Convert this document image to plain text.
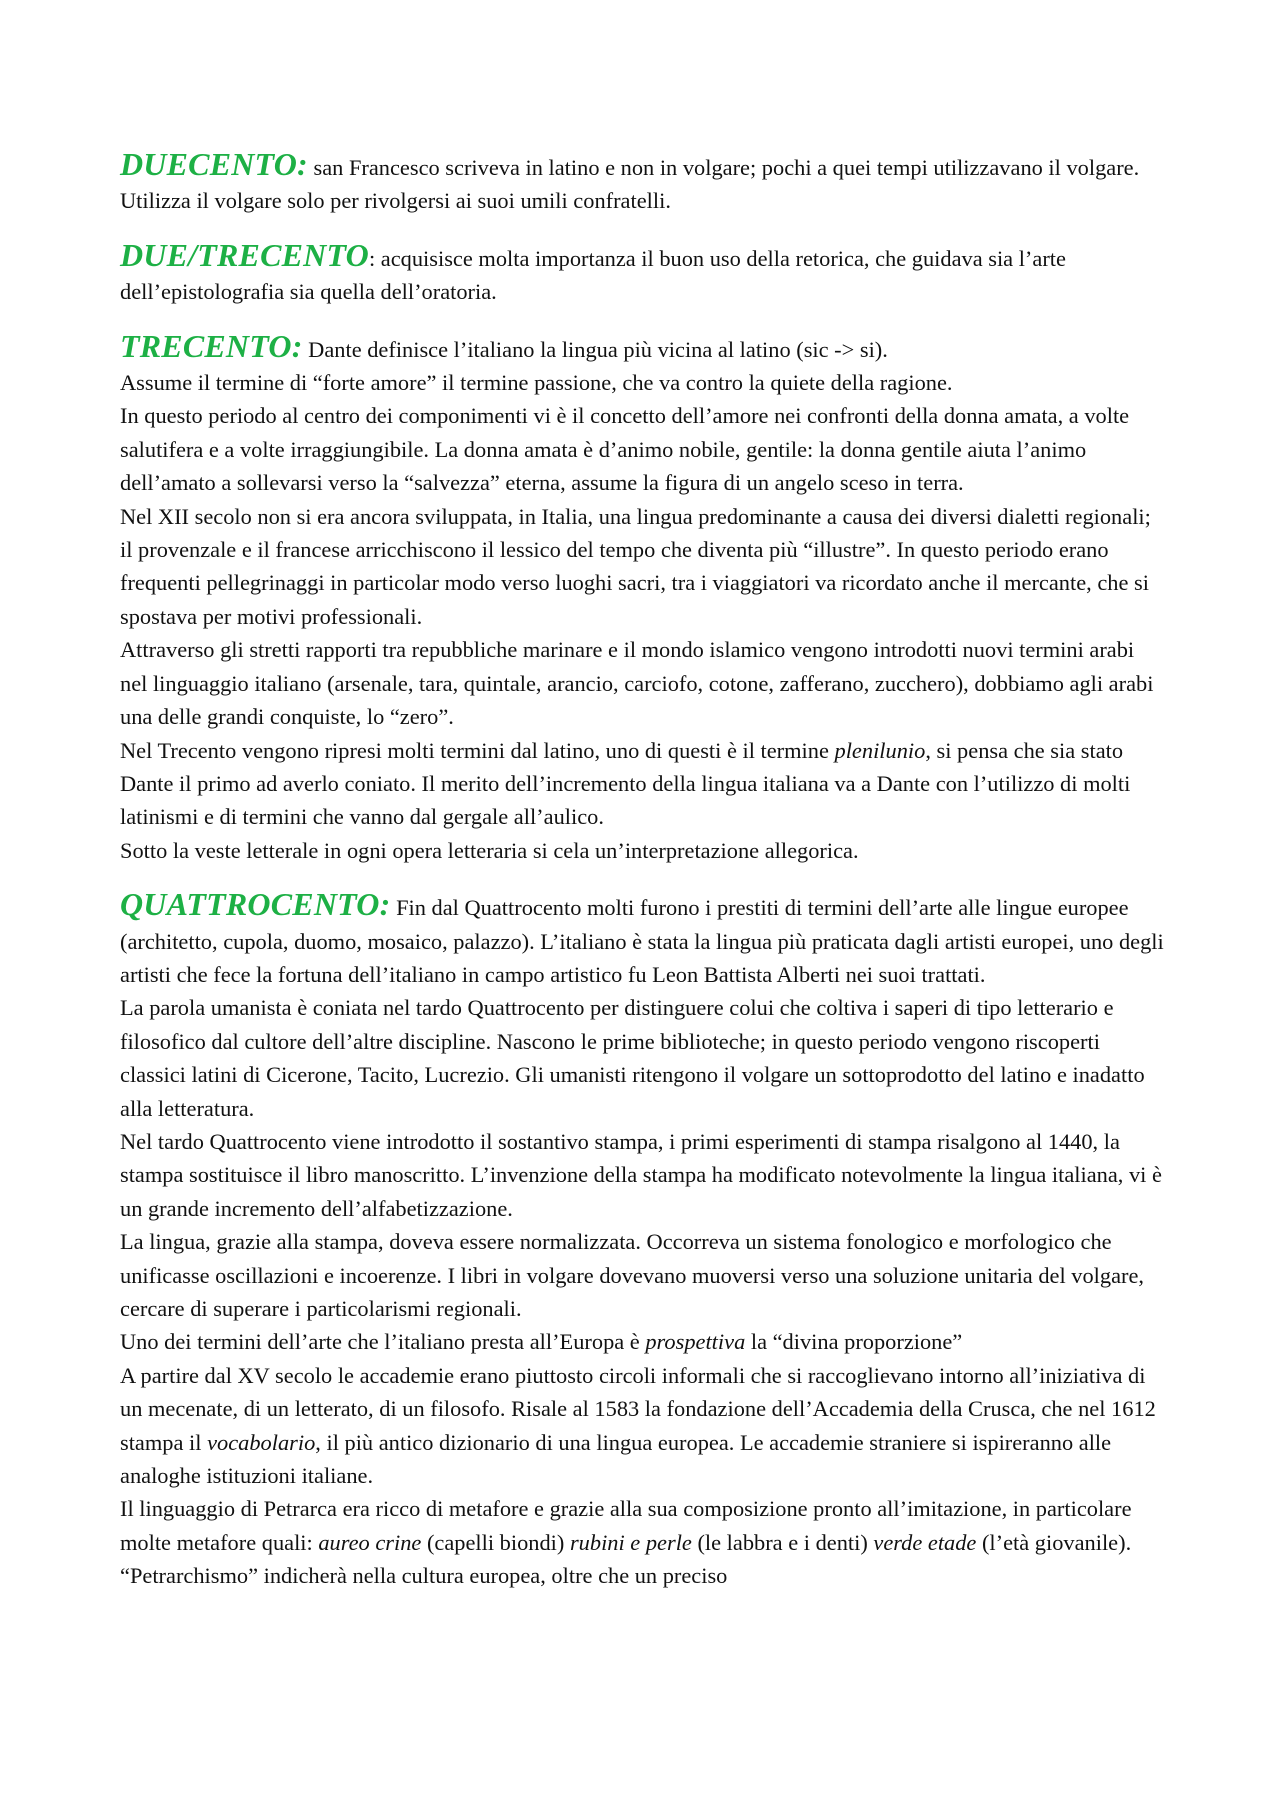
DUECENTO: san Francesco scriveva in latino e non in volgare; pochi a quei tempi utilizzavano il volgare. Utilizza il volgare solo per rivolgersi ai suoi umili confratelli.

DUE/TRECENTO: acquisisce molta importanza il buon uso della retorica, che guidava sia l’arte dell’epistolografia sia quella dell’oratoria.

TRECENTO: Dante definisce l’italiano la lingua più vicina al latino (sic -> si).

Assume il termine di “forte amore” il termine passione, che va contro la quiete della ragione.

In questo periodo al centro dei componimenti vi è il concetto dell’amore nei confronti della donna amata, a volte salutifera e a volte irraggiungibile. La donna amata è d’animo nobile, gentile: la donna gentile aiuta l’animo dell’amato a sollevarsi verso la “salvezza” eterna, assume la figura di un angelo sceso in terra.

Nel XII secolo non si era ancora sviluppata, in Italia, una lingua predominante a causa dei diversi dialetti regionali; il provenzale e il francese arricchiscono il lessico del tempo che diventa più “illustre”. In questo periodo erano frequenti pellegrinaggi in particolar modo verso luoghi sacri, tra i viaggiatori va ricordato anche il mercante, che si spostava per motivi professionali.

Attraverso gli stretti rapporti tra repubbliche marinare e il mondo islamico vengono introdotti nuovi termini arabi nel linguaggio italiano (arsenale, tara, quintale, arancio, carciofo, cotone, zafferano, zucchero), dobbiamo agli arabi una delle grandi conquiste, lo “zero”.

Nel Trecento vengono ripresi molti termini dal latino, uno di questi è il termine plenilunio, si pensa che sia stato Dante il primo ad averlo coniato. Il merito dell’incremento della lingua italiana va a Dante con l’utilizzo di molti latinismi e di termini che vanno dal gergale all’aulico.

Sotto la veste letterale in ogni opera letteraria si cela un’interpretazione allegorica.

QUATTROCENTO: Fin dal Quattrocento molti furono i prestiti di termini dell’arte alle lingue europee (architetto, cupola, duomo, mosaico, palazzo). L’italiano è stata la lingua più praticata dagli artisti europei, uno degli artisti che fece la fortuna dell’italiano in campo artistico fu Leon Battista Alberti nei suoi trattati.

La parola umanista è coniata nel tardo Quattrocento per distinguere colui che coltiva i saperi di tipo letterario e filosofico dal cultore dell’altre discipline. Nascono le prime biblioteche; in questo periodo vengono riscoperti classici latini di Cicerone, Tacito, Lucrezio. Gli umanisti ritengono il volgare un sottoprodotto del latino e inadatto alla letteratura.

Nel tardo Quattrocento viene introdotto il sostantivo stampa, i primi esperimenti di stampa risalgono al 1440, la stampa sostituisce il libro manoscritto. L’invenzione della stampa ha modificato notevolmente la lingua italiana, vi è un grande incremento dell’alfabetizzazione.

La lingua, grazie alla stampa, doveva essere normalizzata. Occorreva un sistema fonologico e morfologico che unificasse oscillazioni e incoerenze. I libri in volgare dovevano muoversi verso una soluzione unitaria del volgare, cercare di superare i particolarismi regionali.

Uno dei termini dell’arte che l’italiano presta all’Europa è prospettiva la “divina proporzione”

A partire dal XV secolo le accademie erano piuttosto circoli informali che si raccoglievano intorno all’iniziativa di un mecenate, di un letterato, di un filosofo. Risale al 1583 la fondazione dell’Accademia della Crusca, che nel 1612 stampa il vocabolario, il più antico dizionario di una lingua europea. Le accademie straniere si ispireranno alle analoghe istituzioni italiane.

Il linguaggio di Petrarca era ricco di metafore e grazie alla sua composizione pronto all’imitazione, in particolare molte metafore quali: aureo crine (capelli biondi) rubini e perle (le labbra e i denti) verde etade (l’età giovanile). “Petrarchismo” indicherà nella cultura europea, oltre che un preciso
